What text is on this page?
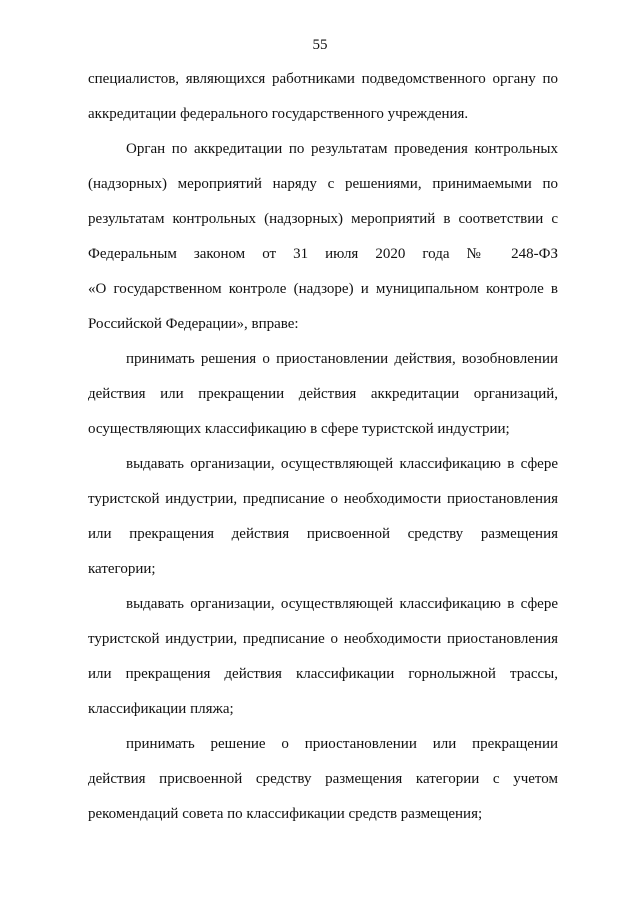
55
специалистов, являющихся работниками подведомственного органу по
аккредитации федерального государственного учреждения.
Орган по аккредитации по результатам проведения контрольных
(надзорных) мероприятий наряду с решениями, принимаемыми по
результатам контрольных (надзорных) мероприятий в соответствии с
Федеральным законом от 31 июля 2020 года № 248-ФЗ
«О государственном контроле (надзоре) и муниципальном контроле в
Российской Федерации», вправе:
принимать решения о приостановлении действия, возобновлении
действия или прекращении действия аккредитации организаций,
осуществляющих классификацию в сфере туристской индустрии;
выдавать организации, осуществляющей классификацию в сфере
туристской индустрии, предписание о необходимости приостановления
или прекращения действия присвоенной средству размещения
категории;
выдавать организации, осуществляющей классификацию в сфере
туристской индустрии, предписание о необходимости приостановления
или прекращения действия классификации горнолыжной трассы,
классификации пляжа;
принимать решение о приостановлении или прекращении
действия присвоенной средству размещения категории с учетом
рекомендаций совета по классификации средств размещения;
